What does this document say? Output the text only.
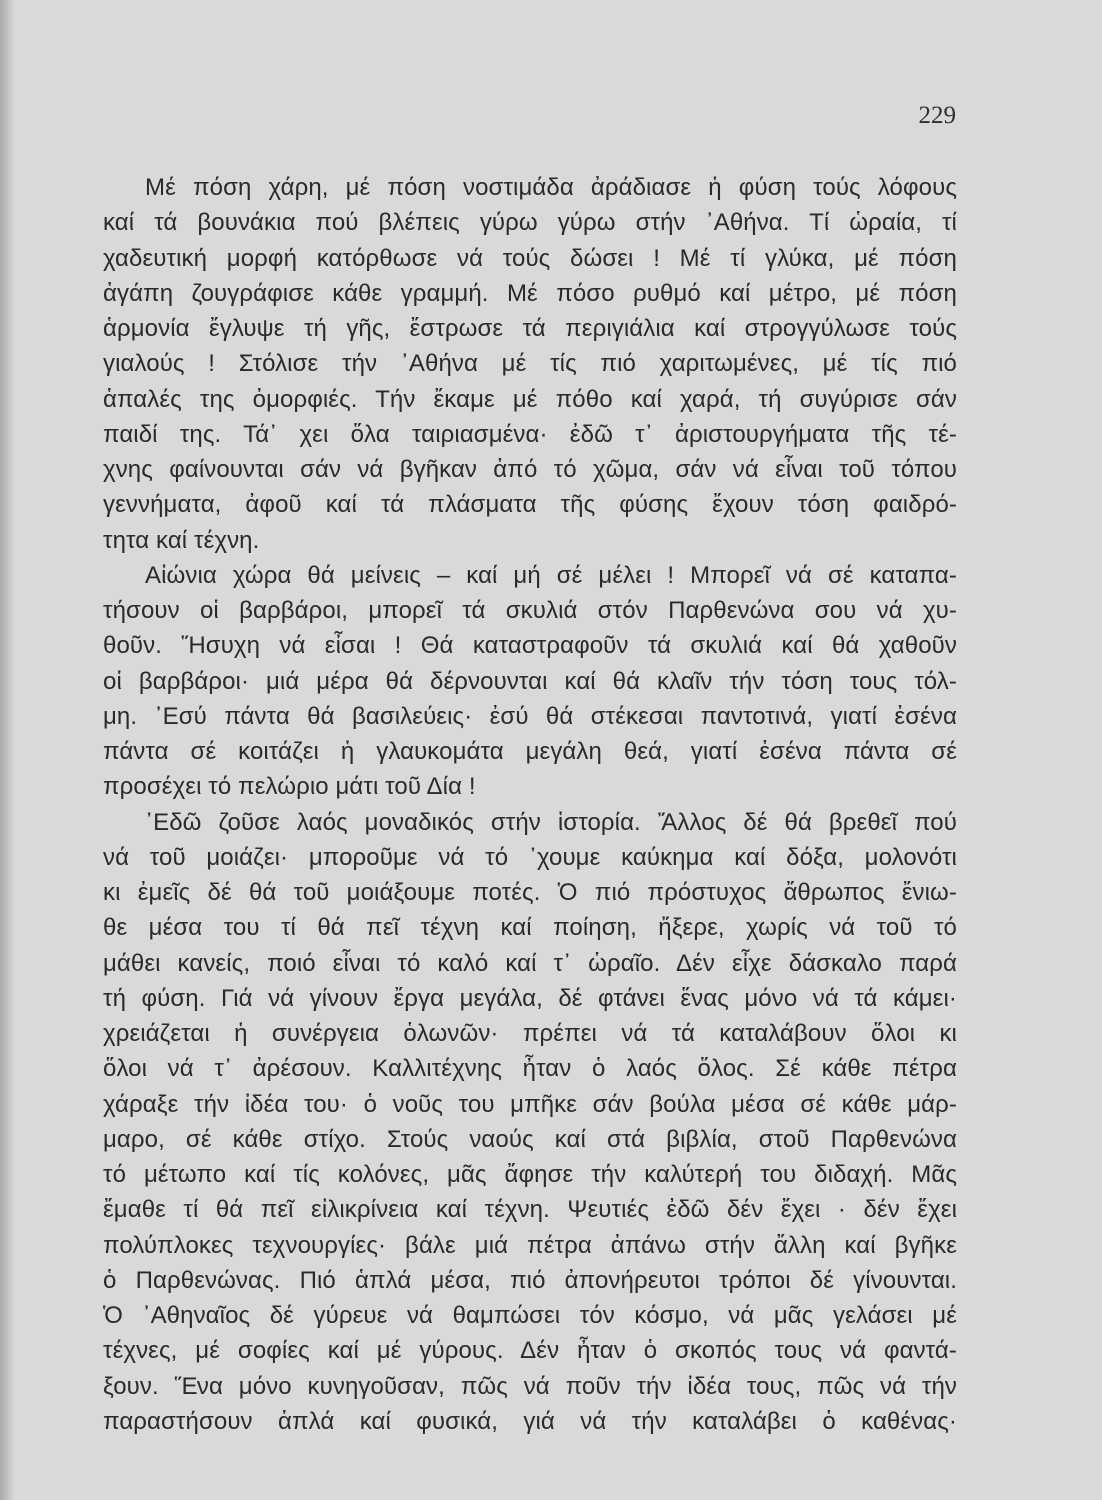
229

Μέ πόση χάρη, μέ πόση νοστιμάδα ἀράδιασε ἡ φύση τούς λόφους
καί τά βουνάκια πού βλέπεις γύρω γύρω στήν ᾿Αθήνα. Τί ὡραία, τί
χαδευτική μορφή κατόρθωσε νά τούς δώσει ! Μέ τί γλύκα, μέ πόση
ἀγάπη ζουγράφισε κάθε γραμμή. Μέ πόσο ρυθμό καί μέτρο, μέ πόση
ἁρμονία ἔγλυψε τή γῆς, ἔστρωσε τά περιγιάλια καί στρογγύλωσε τούς
γιαλούς ! Στόλισε τήν ᾿Αθήνα μέ τίς πιό χαριτωμένες, μέ τίς πιό
ἁπαλές της ὀμορφιές. Τήν ἔκαμε μέ πόθο καί χαρά, τή συγύρισε σάν
παιδί της. Τά᾿ χει ὅλα ταιριασμένα· ἐδῶ τ᾿ ἀριστουργήματα τῆς τέ-
χνης φαίνουνται σάν νά βγῆκαν ἀπό τό χῶμα, σάν νά εἶναι τοῦ τόπου
γεννήματα, ἀφοῦ καί τά πλάσματα τῆς φύσης ἔχουν τόση φαιδρό-
τητα καί τέχνη.
Αἰώνια χώρα θά μείνεις – καί μή σέ μέλει ! Μπορεῖ νά σέ καταπα-
τήσουν οἱ βαρβάροι, μπορεῖ τά σκυλιά στόν Παρθενώνα σου νά χυ-
θοῦν. Ἥσυχη νά εἶσαι ! Θά καταστραφοῦν τά σκυλιά καί θά χαθοῦν
οἱ βαρβάροι· μιά μέρα θά δέρνουνται καί θά κλαῖν τήν τόση τους τόλ-
μη. ᾿Εσύ πάντα θά βασιλεύεις· ἐσύ θά στέκεσαι παντοτινά, γιατί ἐσένα
πάντα σέ κοιτάζει ἡ γλαυκομάτα μεγάλη θεά, γιατί ἐσένα πάντα σέ
προσέχει τό πελώριο μάτι τοῦ Δία !
᾿Εδῶ ζοῦσε λαός μοναδικός στήν ἱστορία. Ἄλλος δέ θά βρεθεῖ πού
νά τοῦ μοιάζει· μποροῦμε νά τό ᾿χουμε καύκημα καί δόξα, μολονότι
κι ἐμεῖς δέ θά τοῦ μοιάξουμε ποτές. Ὁ πιό πρόστυχος ἄθρωπος ἔνιω-
θε μέσα του τί θά πεῖ τέχνη καί ποίηση, ἤξερε, χωρίς νά τοῦ τό
μάθει κανείς, ποιό εἶναι τό καλό καί τ᾿ ὡραῖο. Δέν εἶχε δάσκαλο παρά
τή φύση. Γιά νά γίνουν ἔργα μεγάλα, δέ φτάνει ἕνας μόνο νά τά κάμει·
χρειάζεται ἡ συνέργεια ὁλωνῶν· πρέπει νά τά καταλάβουν ὅλοι κι
ὅλοι νά τ᾿ ἀρέσουν. Καλλιτέχνης ἦταν ὁ λαός ὅλος. Σέ κάθε πέτρα
χάραξε τήν ἰδέα του· ὁ νοῦς του μπῆκε σάν βούλα μέσα σέ κάθε μάρ-
μαρο, σέ κάθε στίχο. Στούς ναούς καί στά βιβλία, στοῦ Παρθενώνα
τό μέτωπο καί τίς κολόνες, μᾶς ἄφησε τήν καλύτερή του διδαχή. Μᾶς
ἔμαθε τί θά πεῖ εἰλικρίνεια καί τέχνη. Ψευτιές ἐδῶ δέν ἔχει · δέν ἔχει
πολύπλοκες τεχνουργίες· βάλε μιά πέτρα ἀπάνω στήν ἄλλη καί βγῆκε
ὁ Παρθενώνας. Πιό ἁπλά μέσα, πιό ἀπονήρευτοι τρόποι δέ γίνουνται.
Ὁ ᾿Αθηναῖος δέ γύρευε νά θαμπώσει τόν κόσμο, νά μᾶς γελάσει μέ
τέχνες, μέ σοφίες καί μέ γύρους. Δέν ἦταν ὁ σκοπός τους νά φαντά-
ξουν. Ἕνα μόνο κυνηγοῦσαν, πῶς νά ποῦν τήν ἰδέα τους, πῶς νά τήν
παραστήσουν ἁπλά καί φυσικά, γιά νά τήν καταλάβει ὁ καθένας·
